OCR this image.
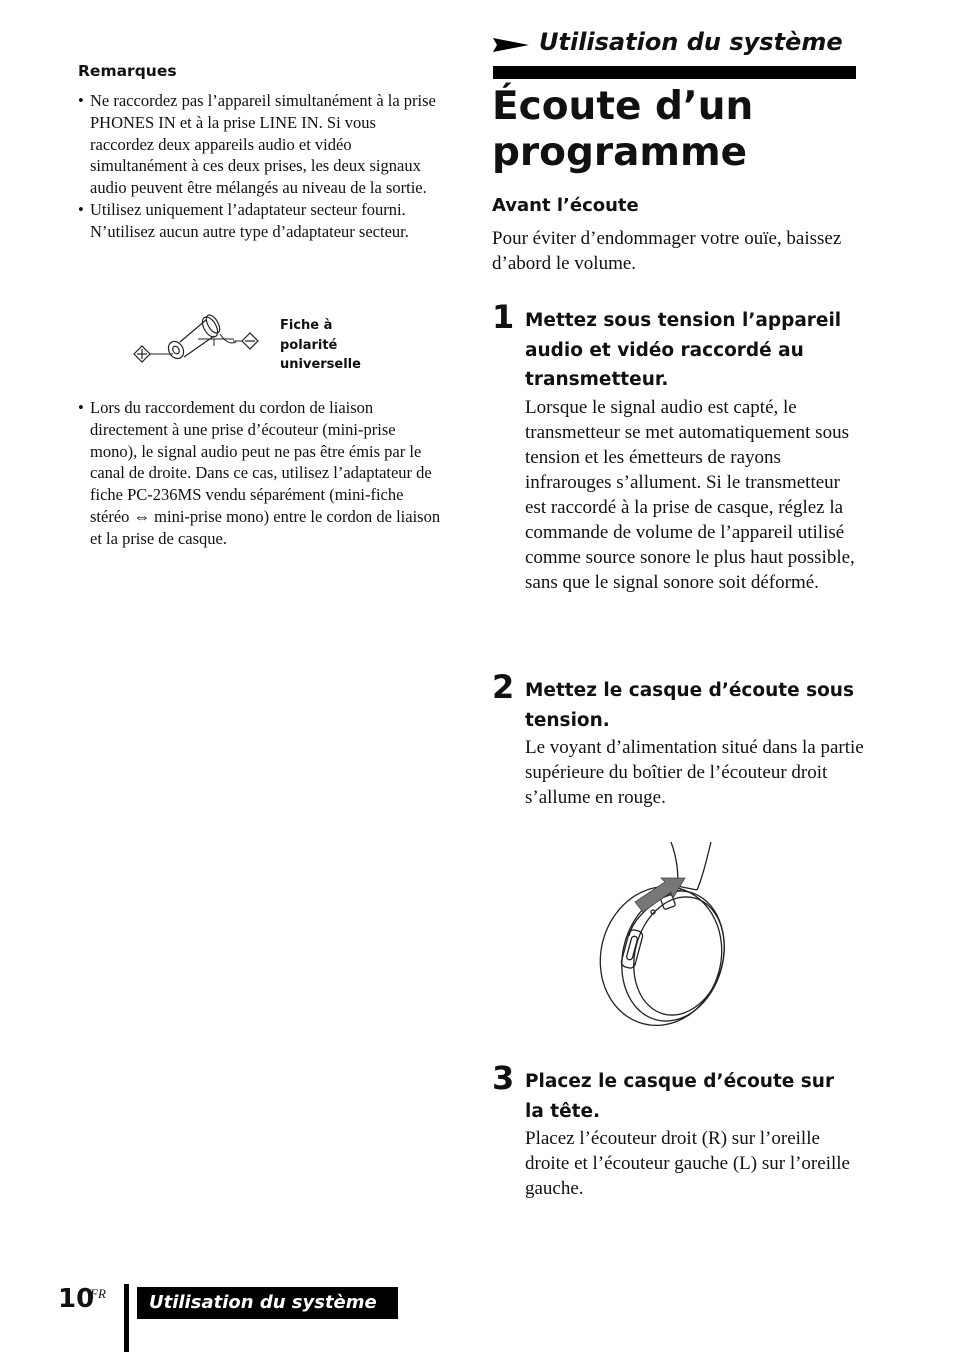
Remarques
• Ne raccordez pas l’appareil simultanément à la prise PHONES IN et à la prise LINE IN. Si vous raccordez deux appareils audio et vidéo simultanément à ces deux prises, les deux signaux audio peuvent être mélangés au niveau de la sortie.
• Utilisez uniquement l’adaptateur secteur fourni. N’utilisez aucun autre type d’adaptateur secteur.
Fiche à
polarité
universelle
• Lors du raccordement du cordon de liaison directement à une prise d’écouteur (mini-prise mono), le signal audio peut ne pas être émis par le canal de droite. Dans ce cas, utilisez l’adaptateur de fiche PC-236MS vendu séparément (mini-fiche stéréo ⇔ mini-prise mono) entre le cordon de liaison et la prise de casque.
Utilisation du système
Écoute d’un programme
Avant l’écoute
Pour éviter d’endommager votre ouïe, baissez d’abord le volume.
1 Mettez sous tension l’appareil audio et vidéo raccordé au transmetteur.
Lorsque le signal audio est capté, le transmetteur se met automatiquement sous tension et les émetteurs de rayons infrarouges s’allument. Si le transmetteur est raccordé à la prise de casque, réglez la commande de volume de l’appareil utilisé comme source sonore le plus haut possible, sans que le signal sonore soit déformé.
2 Mettez le casque d’écoute sous tension.
Le voyant d’alimentation situé dans la partie supérieure du boîtier de l’écouteur droit s’allume en rouge.
3 Placez le casque d’écoute sur la tête.
Placez l’écouteur droit (R) sur l’oreille droite et l’écouteur gauche (L) sur l’oreille gauche.
10
FR	Utilisation du système
